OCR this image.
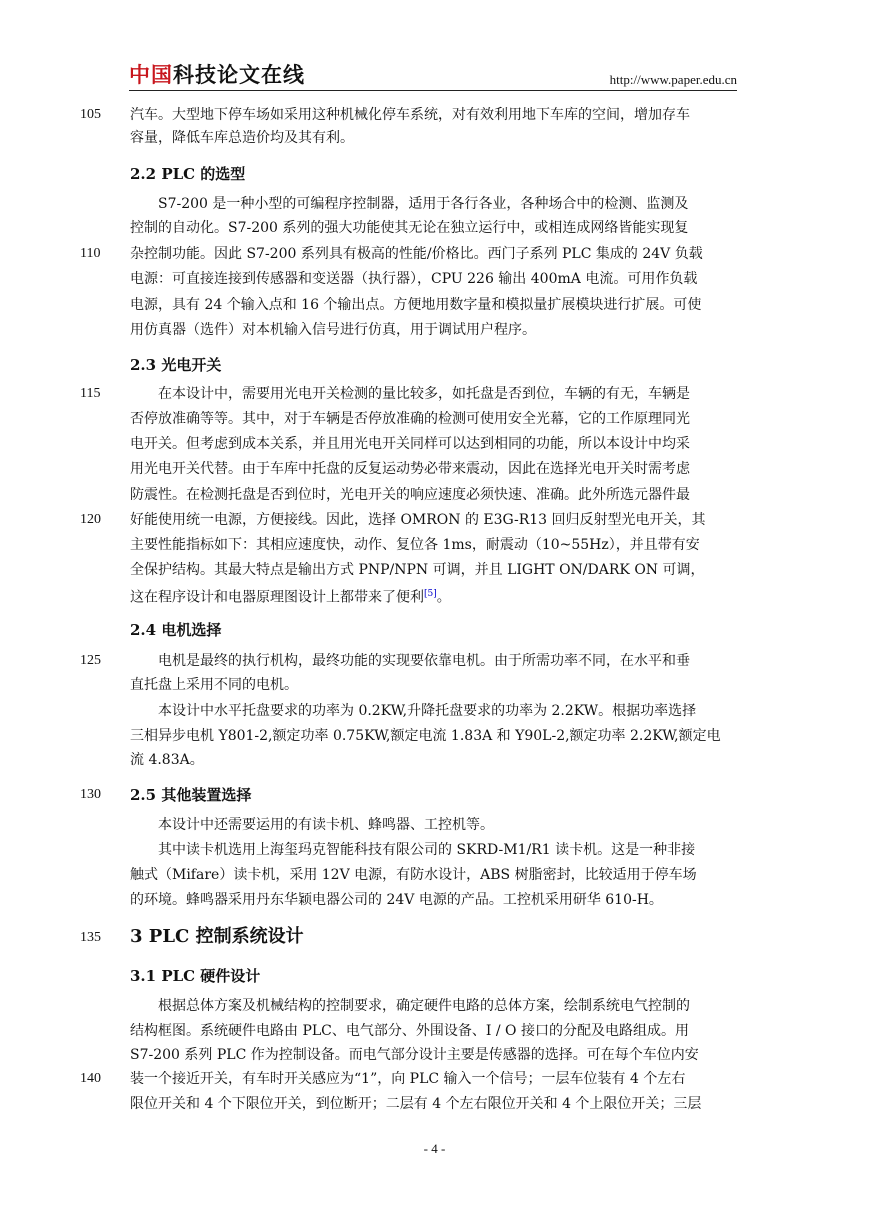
中国科技论文在线	http://www.paper.edu.cn
105
110
115
120
125
130
135
140
汽车。大型地下停车场如采用这种机械化停车系统，对有效利用地下车库的空间，增加存车
容量，降低车库总造价均及其有利。
2.2 PLC 的选型
S7-200 是一种小型的可编程序控制器，适用于各行各业，各种场合中的检测、监测及
控制的自动化。S7-200 系列的强大功能使其无论在独立运行中，或相连成网络皆能实现复
杂控制功能。因此 S7-200 系列具有极高的性能/价格比。西门子系列 PLC 集成的 24V 负载
电源：可直接连接到传感器和变送器（执行器），CPU 226 输出 400mA 电流。可用作负载
电源，具有 24 个输入点和 16 个输出点。方便地用数字量和模拟量扩展模块进行扩展。可使
用仿真器（选件）对本机输入信号进行仿真，用于调试用户程序。
2.3 光电开关
在本设计中，需要用光电开关检测的量比较多，如托盘是否到位，车辆的有无，车辆是
否停放准确等等。其中，对于车辆是否停放准确的检测可使用安全光幕，它的工作原理同光
电开关。但考虑到成本关系，并且用光电开关同样可以达到相同的功能，所以本设计中均采
用光电开关代替。由于车库中托盘的反复运动势必带来震动，因此在选择光电开关时需考虑
防震性。在检测托盘是否到位时，光电开关的响应速度必须快速、准确。此外所选元器件最
好能使用统一电源，方便接线。因此，选择 OMRON 的 E3G-R13 回归反射型光电开关，其
主要性能指标如下：其相应速度快，动作、复位各 1ms，耐震动（10~55Hz），并且带有安
全保护结构。其最大特点是输出方式 PNP/NPN 可调，并且 LIGHT ON/DARK ON 可调，
这在程序设计和电器原理图设计上都带来了便利[5]。
2.4 电机选择
电机是最终的执行机构，最终功能的实现要依靠电机。由于所需功率不同，在水平和垂
直托盘上采用不同的电机。
本设计中水平托盘要求的功率为 0.2KW,升降托盘要求的功率为 2.2KW。根据功率选择
三相异步电机 Y801-2,额定功率 0.75KW,额定电流 1.83A 和 Y90L-2,额定功率 2.2KW,额定电
流 4.83A。
2.5 其他装置选择
本设计中还需要运用的有读卡机、蜂鸣器、工控机等。
其中读卡机选用上海玺玛克智能科技有限公司的 SKRD-M1/R1 读卡机。这是一种非接
触式（Mifare）读卡机，采用 12V 电源，有防水设计，ABS 树脂密封，比较适用于停车场
的环境。蜂鸣器采用丹东华颖电器公司的 24V 电源的产品。工控机采用研华 610-H。
3 PLC 控制系统设计
3.1 PLC 硬件设计
根据总体方案及机械结构的控制要求，确定硬件电路的总体方案，绘制系统电气控制的
结构框图。系统硬件电路由 PLC、电气部分、外围设备、I / O 接口的分配及电路组成。用
S7-200 系列 PLC 作为控制设备。而电气部分设计主要是传感器的选择。可在每个车位内安
装一个接近开关，有车时开关感应为“1”，向 PLC 输入一个信号；一层车位装有 4 个左右
限位开关和 4 个下限位开关，到位断开；二层有 4 个左右限位开关和 4 个上限位开关；三层
- 4 -
